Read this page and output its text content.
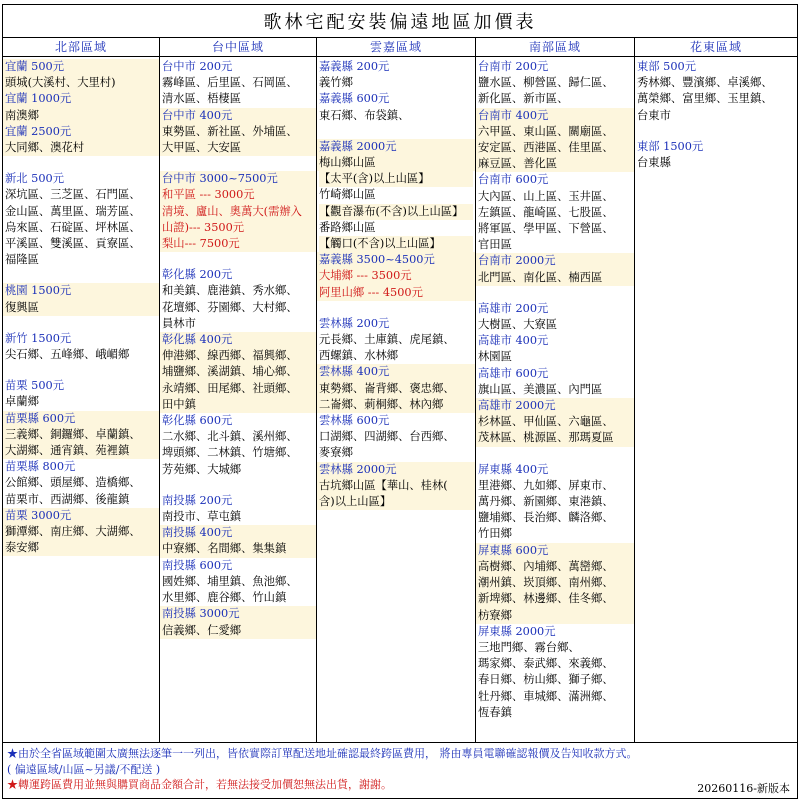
歌林宅配安裝偏遠地區加價表
北部區域
宜蘭 500元
頭城(大溪村、大里村)
宜蘭 1000元
南澳鄉
宜蘭 2500元
大同鄉、澳花村
新北 500元
深坑區、三芝區、石門區、
金山區、萬里區、瑞芳區、
烏來區、石碇區、坪林區、
平溪區、雙溪區、貢寮區、
福隆區
桃園 1500元
復興區
新竹 1500元
尖石鄉、五峰鄉、峨嵋鄉
苗栗 500元
卓蘭鄉
苗栗縣 600元
三義鄉、銅鑼鄉、卓蘭鎮、
大湖鄉、通宵鎮、苑裡鎮
苗栗縣 800元
公館鄉、頭屋鄉、造橋鄉、
苗栗市、西湖鄉、後龍鎮
苗栗 3000元
獅潭鄉、南庄鄉、大湖鄉、
泰安鄉
台中區域
台中市 200元
霧峰區、后里區、石岡區、
清水區、梧棲區
台中市 400元
東勢區、新社區、外埔區、
大甲區、大安區
台中市 3000~7500元
和平區 --- 3000元
清境、廬山、奧萬大(需辦入
山證)--- 3500元
梨山--- 7500元
彰化縣 200元
和美鎮、鹿港鎮、秀水鄉、
花壇鄉、芬園鄉、大村鄉、
員林市
彰化縣 400元
伸港鄉、線西鄉、福興鄉、
埔鹽鄉、溪湖鎮、埔心鄉、
永靖鄉、田尾鄉、社頭鄉、
田中鎮
彰化縣 600元
二水鄉、北斗鎮、溪州鄉、
埤頭鄉、二林鎮、竹塘鄉、
芳苑鄉、大城鄉
南投縣 200元
南投市、草屯鎮
南投縣 400元
中寮鄉、名間鄉、集集鎮
南投縣 600元
國姓鄉、埔里鎮、魚池鄉、
水里鄉、鹿谷鄉、竹山鎮
南投縣 3000元
信義鄉、仁愛鄉
雲嘉區域
嘉義縣 200元
義竹鄉
嘉義縣 600元
東石鄉、布袋鎮、
嘉義縣 2000元
梅山鄉山區
【太平(含)以上山區】
竹崎鄉山區
【觀音瀑布(不含)以上山區】
番路鄉山區
【觸口(不含)以上山區】
嘉義縣 3500~4500元
大埔鄉 --- 3500元
阿里山鄉 --- 4500元
雲林縣 200元
元長鄉、土庫鎮、虎尾鎮、
西螺鎮、水林鄉
雲林縣 400元
東勢鄉、崙背鄉、褒忠鄉、
二崙鄉、莿桐鄉、林內鄉
雲林縣 600元
口湖鄉、四湖鄉、台西鄉、
麥寮鄉
雲林縣 2000元
古坑鄉山區【華山、桂林(
含)以上山區】
南部區域
台南市 200元
鹽水區、柳營區、歸仁區、
新化區、新市區、
台南市 400元
六甲區、東山區、關廟區、
安定區、西港區、佳里區、
麻豆區、善化區
台南市 600元
大內區、山上區、玉井區、
左鎮區、龍崎區、七股區、
將軍區、學甲區、下營區、
官田區
台南市 2000元
北門區、南化區、楠西區
高雄市 200元
大樹區、大寮區
高雄市 400元
林園區
高雄市 600元
旗山區、美濃區、內門區
高雄市 2000元
杉林區、甲仙區、六龜區、
茂林區、桃源區、那瑪夏區
屏東縣 400元
里港鄉、九如鄉、屏東市、
萬丹鄉、新園鄉、東港鎮、
鹽埔鄉、長治鄉、麟洛鄉、
竹田鄉
屏東縣 600元
高樹鄉、內埔鄉、萬巒鄉、
潮州鎮、崁頂鄉、南州鄉、
新埤鄉、林邊鄉、佳冬鄉、
枋寮鄉
屏東縣 2000元
三地門鄉、霧台鄉、
瑪家鄉、泰武鄉、來義鄉、
春日鄉、枋山鄉、獅子鄉、
牡丹鄉、車城鄉、滿洲鄉、
恆春鎮
花東區域
東部 500元
秀林鄉、豐濱鄉、卓溪鄉、
萬榮鄉、富里鄉、玉里鎮、
台東市
東部 1500元
台東縣
★由於全省區域範圍太廣無法逐筆一一列出，皆依實際訂單配送地址確認最終跨區費用， 將由專員電聯確認報價及告知收款方式。
( 偏遠區域/山區~另議/不配送 )
★轉運跨區費用並無與購買商品金額合計，若無法接受加價恕無法出貨，謝謝。	20260116-新版本
